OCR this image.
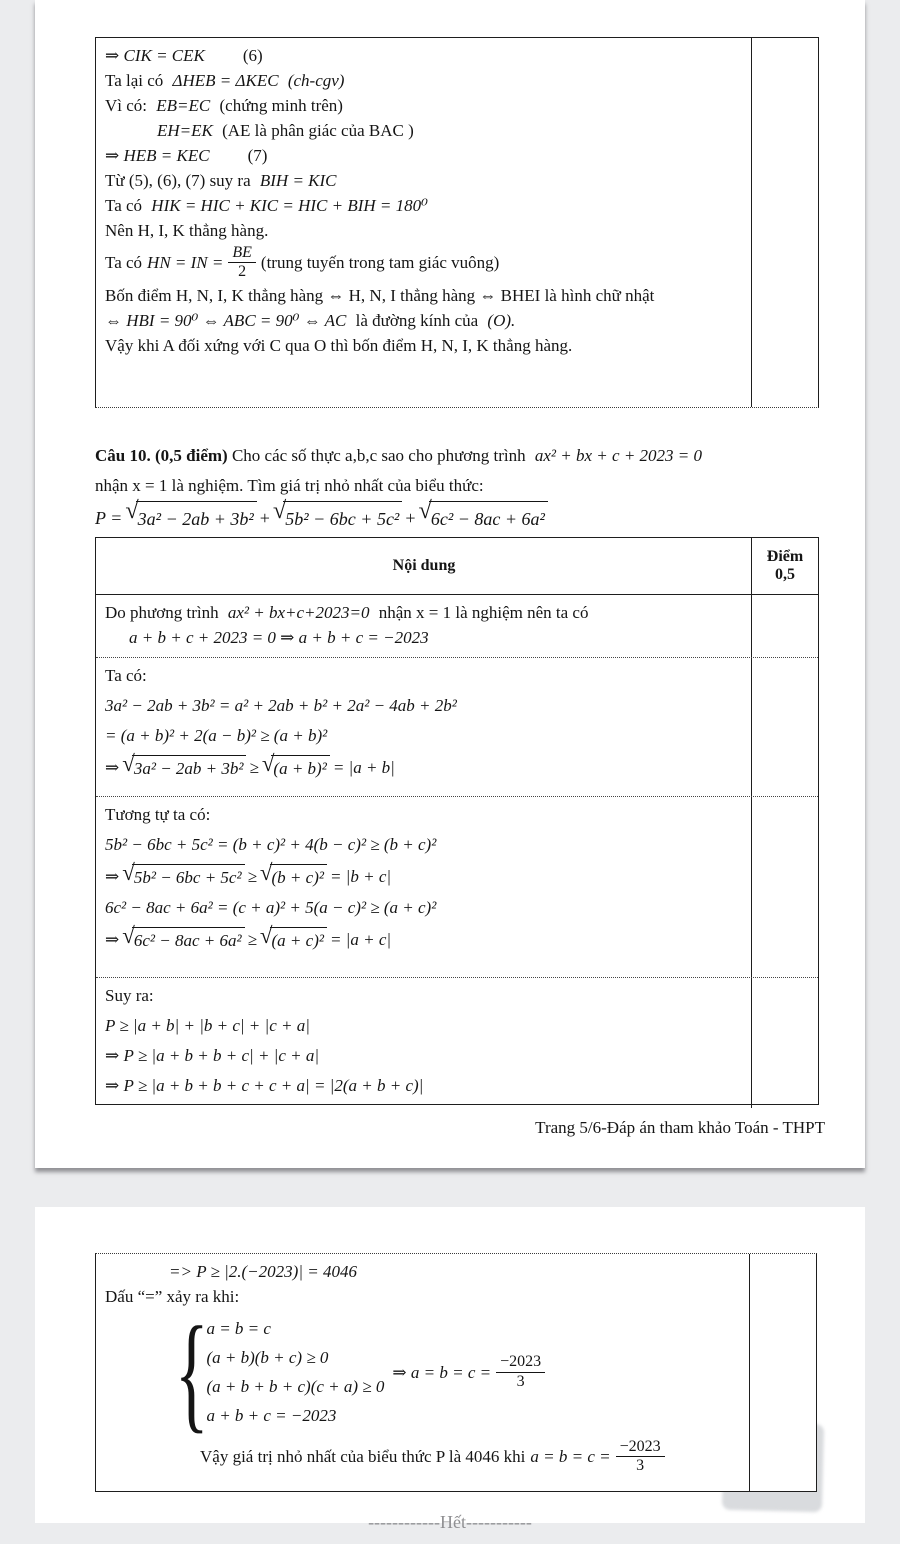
⇒ CIK = CEK (6)
Ta lại có ΔHEB = ΔKEC (ch-cgv)
Vì có: EB=EC (chứng minh trên)
EH=EK (AE là phân giác của BAC )
⇒ HEB = KEC (7)
Từ (5), (6), (7) suy ra BIH = KIC
Ta có HIK = HIC + KIC = HIC + BIH = 180⁰
Nên H, I, K thẳng hàng.
Ta có HN = IN = $\frac{BE}{2}$ (trung tuyến trong tam giác vuông)
Bốn điểm H, N, I, K thẳng hàng ⇔ H, N, I thẳng hàng ⇔ BHEI là hình chữ nhật
⇔ HBI = 90⁰ ⇔ ABC = 90⁰ ⇔ AC là đường kính của (O).
Vậy khi A đối xứng với C qua O thì bốn điểm H, N, I, K thẳng hàng.
Câu 10. (0,5 điểm) Cho các số thực a,b,c sao cho phương trình ax² + bx + c + 2023 = 0
nhận x = 1 là nghiệm. Tìm giá trị nhỏ nhất của biểu thức:
P = √ 3a² − 2ab + 3b² + √ 5b² − 6bc + 5c² + √ 6c² − 8ac + 6a²
Nội dung
Điểm
0,5
Do phương trình ax² + bx+c+2023=0 nhận x = 1 là nghiệm nên ta có
a + b + c + 2023 = 0 ⇒ a + b + c = −2023
Ta có:
3a² − 2ab + 3b² = a² + 2ab + b² + 2a² − 4ab + 2b²
= (a + b)² + 2(a − b)² ≥ (a + b)²
⇒ √ 3a² − 2ab + 3b² ≥ √ (a + b)² = |a + b|
Tương tự ta có:
5b² − 6bc + 5c² = (b + c)² + 4(b − c)² ≥ (b + c)²
⇒ √ 5b² − 6bc + 5c² ≥ √ (b + c)² = |b + c|
6c² − 8ac + 6a² = (c + a)² + 5(a − c)² ≥ (a + c)²
⇒ √ 6c² − 8ac + 6a² ≥ √ (a + c)² = |a + c|
Suy ra:
P ≥ |a + b| + |b + c| + |c + a|
⇒ P ≥ |a + b + b + c| + |c + a|
⇒ P ≥ |a + b + b + c + c + a| = |2(a + b + c)|
Trang 5/6-Đáp án tham khảo Toán - THPT
=> P ≥ |2.(−2023)| = 4046
Dấu “=” xảy ra khi:
{
a = b = c
(a + b)(b + c) ≥ 0
(a + b + b + c)(c + a) ≥ 0
a + b + c = −2023
⇒ $a = b = c = \frac{-2023}{3}$
Vậy giá trị nhỏ nhất của biểu thức P là 4046 khi $a = b = c = \frac{-2023}{3}$
------------Hết-----------
